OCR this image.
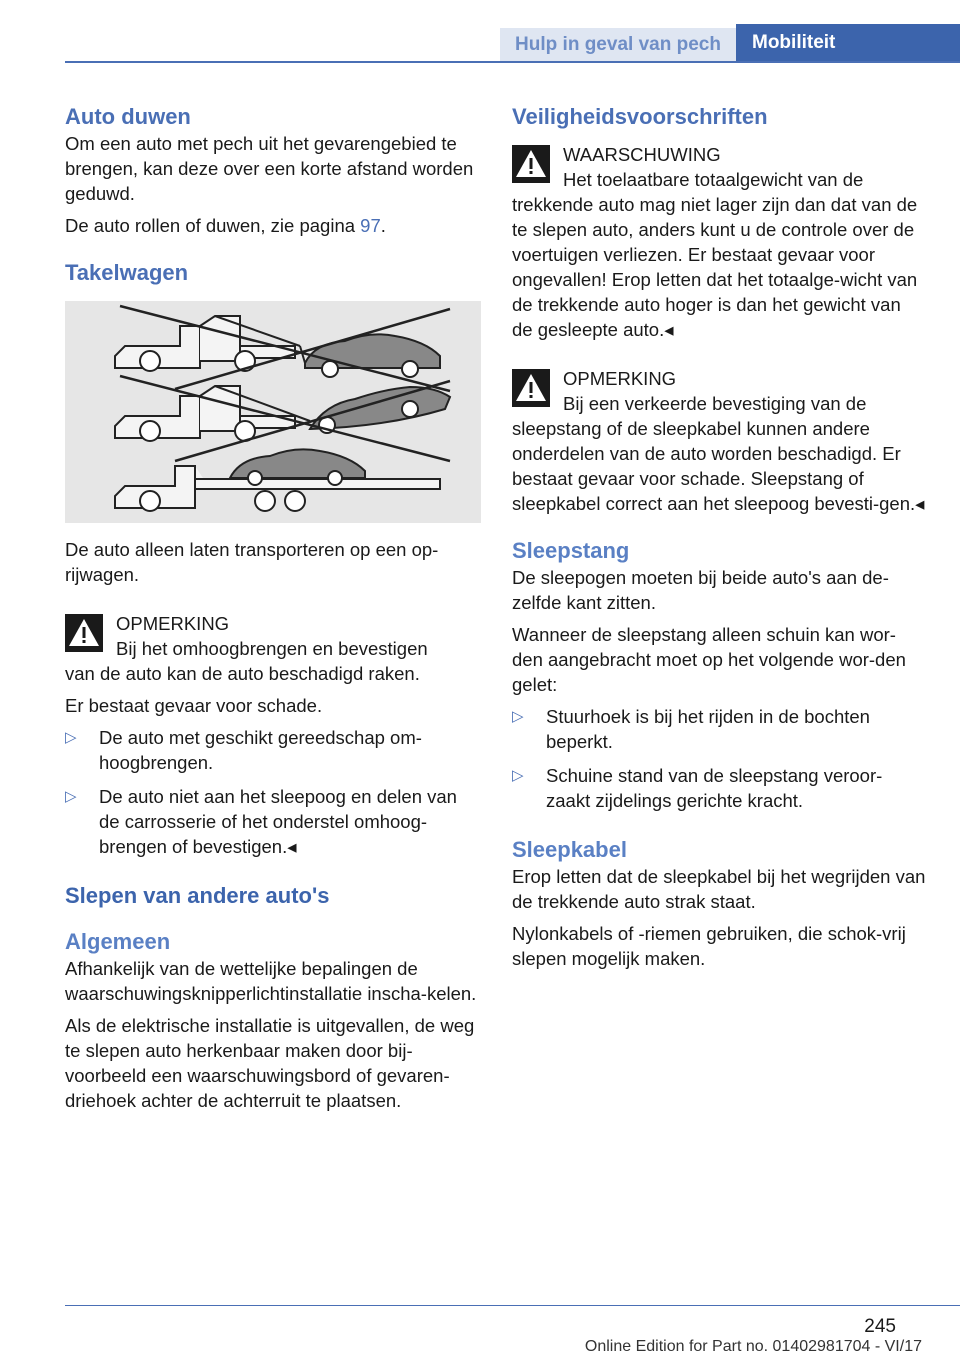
Hulp in geval van pech	Mobiliteit
Auto duwen

Om een auto met pech uit het gevarengebied te brengen, kan deze over een korte afstand worden geduwd.

De auto rollen of duwen, zie pagina 97.

Takelwagen

De auto alleen laten transporteren op een op‐rijwagen.

OPMERKING

Bij het omhoogbrengen en bevestigen

van de auto kan de auto beschadigd raken.

Er bestaat gevaar voor schade.

▷ De auto met geschikt gereedschap om‐hoogbrengen.
▷ De auto niet aan het sleepoog en delen van de carrosserie of het onderstel omhoog‐brengen of bevestigen.◂
Slepen van andere auto's
Algemeen

Afhankelijk van de wettelijke bepalingen de waarschuwingsknipperlichtinstallatie inscha‐kelen.

Als de elektrische installatie is uitgevallen, de weg te slepen auto herkenbaar maken door bij‐voorbeeld een waarschuwingsbord of gevaren‐driehoek achter de achterruit te plaatsen.

Veiligheidsvoorschriften
WAARSCHUWING

Het toelaatbare totaalgewicht van de

trekkende auto mag niet lager zijn dan dat van de te slepen auto, anders kunt u de controle over de voertuigen verliezen. Er bestaat gevaar voor ongevallen! Erop letten dat het totaalge‐wicht van de trekkende auto hoger is dan het gewicht van de gesleepte auto.◂

OPMERKING

Bij een verkeerde bevestiging van de

sleepstang of de sleepkabel kunnen andere onderdelen van de auto worden beschadigd. Er bestaat gevaar voor schade. Sleepstang of sleepkabel correct aan het sleepoog bevesti‐gen.◂

Sleepstang

De sleepogen moeten bij beide auto's aan de‐zelfde kant zitten.

Wanneer de sleepstang alleen schuin kan wor‐den aangebracht moet op het volgende wor‐den gelet:

▷ Stuurhoek is bij het rijden in de bochten beperkt.
▷ Schuine stand van de sleepstang veroor‐zaakt zijdelings gerichte kracht.
Sleepkabel

Erop letten dat de sleepkabel bij het wegrijden van de trekkende auto strak staat.

Nylonkabels of -riemen gebruiken, die schok‐vrij slepen mogelijk maken.

245
Online Edition for Part no. 01402981704 - VI/17
